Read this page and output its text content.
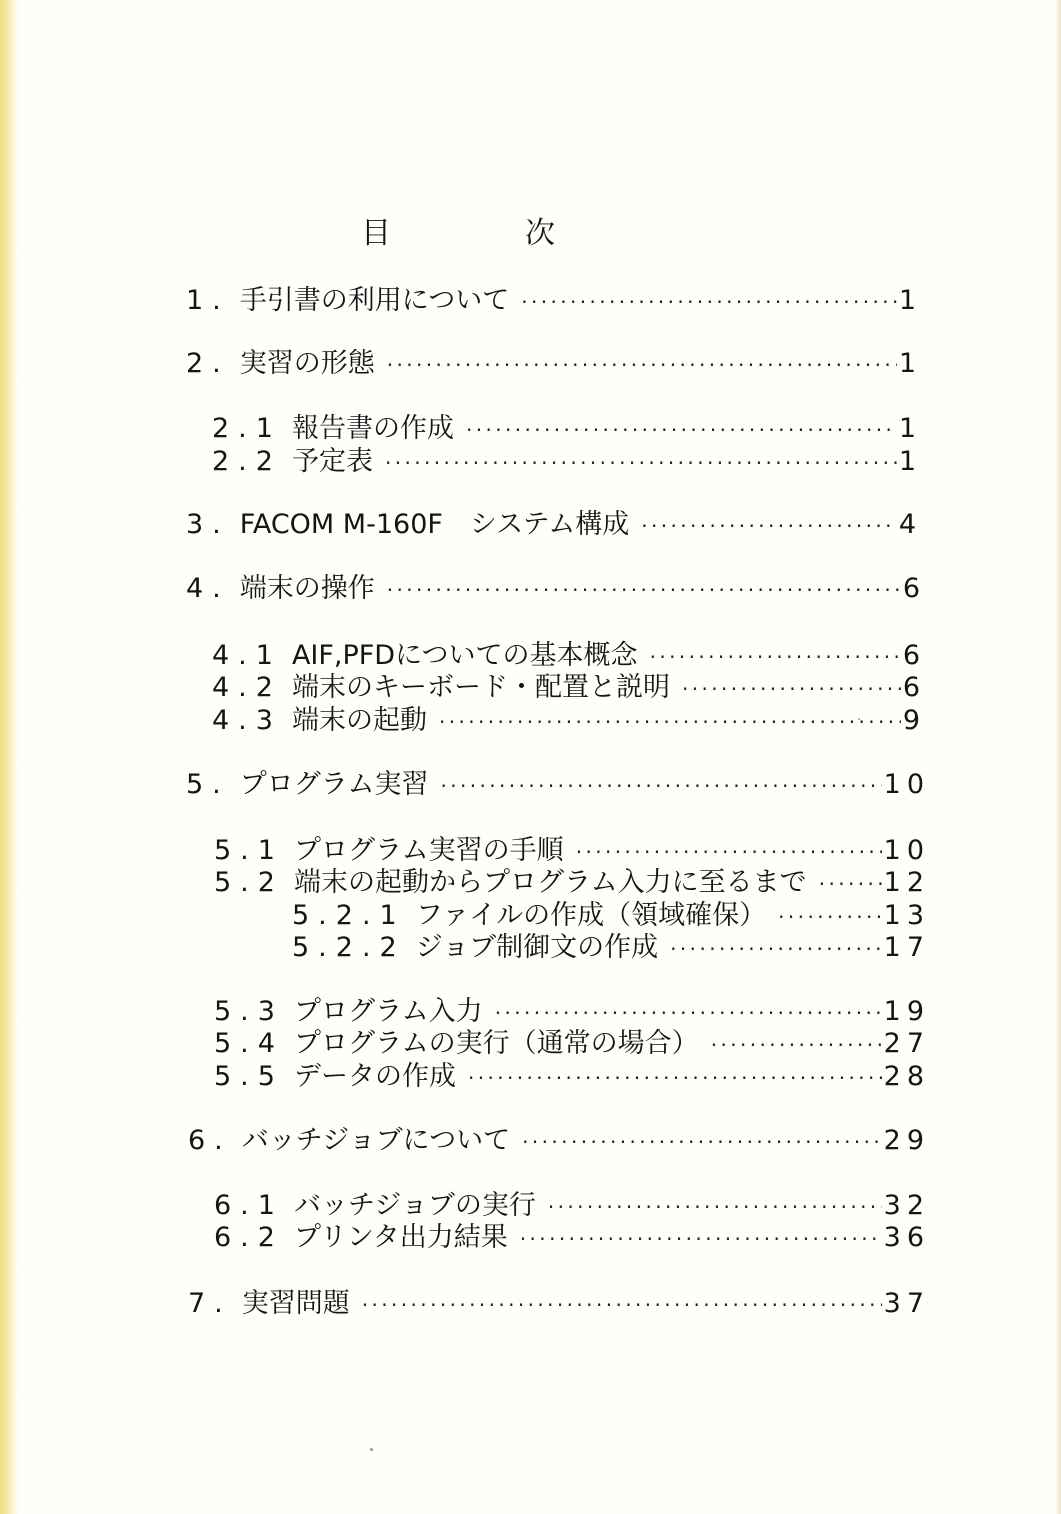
目　次
1. 手引書の利用について ·····	1
2. 実習の形態 ·····	1
2.1 報告書の作成 ·····	1
2.2 予定表 ·····	1
3. FACOM M-160F　システム構成 ·····	4
4. 端末の操作 ·····	6
4.1 AIF,PFDについての基本概念 ·····	6
4.2 端末のキーボード・配置と説明 ·····	6
4.3 端末の起動 ·····	9
5. プログラム実習 ·····	10
5.1 プログラム実習の手順 ·····	10
5.2 端末の起動からプログラム入力に至るまで ·····	12
5.2.1 ファイルの作成（領域確保） ·····	13
5.2.2 ジョブ制御文の作成 ·····	17
5.3 プログラム入力 ·····	19
5.4 プログラムの実行（通常の場合） ·····	27
5.5 データの作成 ·····	28
6. バッチジョブについて ·····	29
6.1 バッチジョブの実行 ·····	32
6.2 プリンタ出力結果 ·····	36
7. 実習問題 ·····	37
